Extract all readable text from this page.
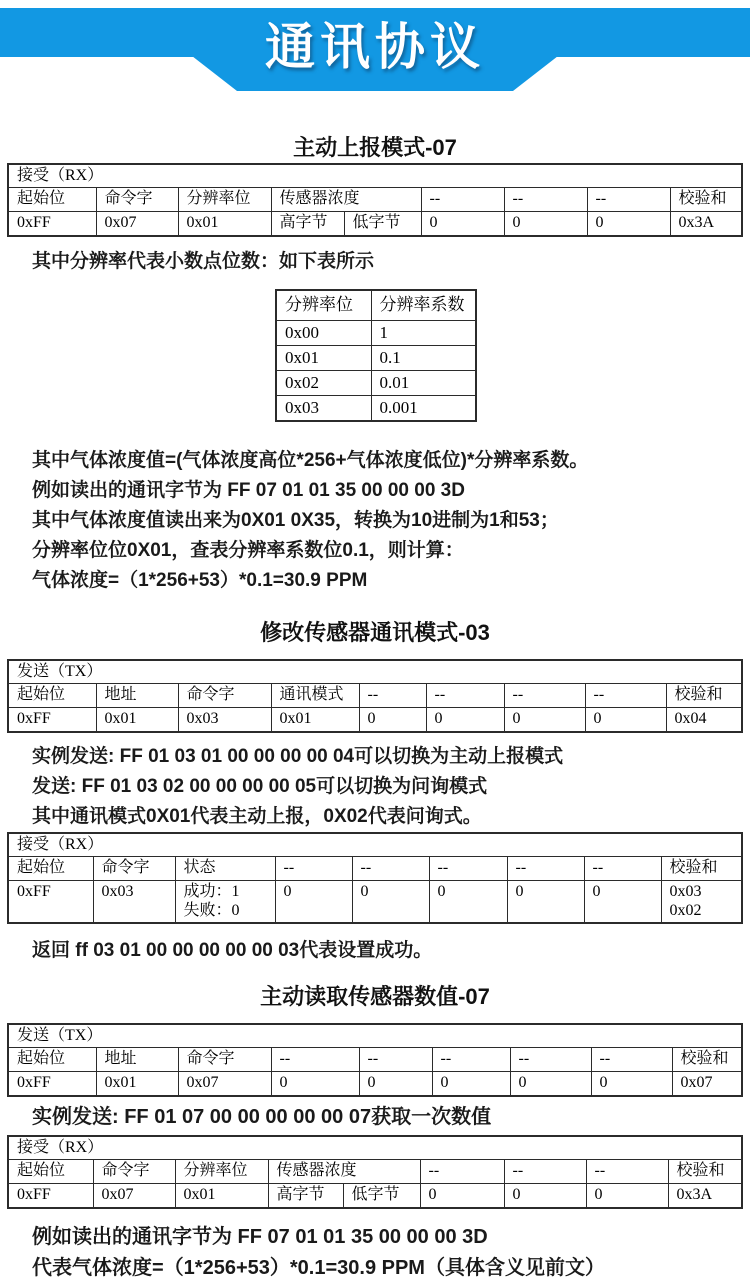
通讯协议
主动上报模式-07
接受（RX）								
起始位	命令字	分辨率位	传感器浓度		--	--	--	校验和
0xFF	0x07	0x01	高字节	低字节	0	0	0	0x3A
其中分辨率代表小数点位数：如下表所示
分辨率位	分辨率系数
0x00	1
0x01	0.1
0x02	0.01
0x03	0.001
其中气体浓度值=(气体浓度高位*256+气体浓度低位)*分辨率系数。
例如读出的通讯字节为 FF 07 01 01 35 00 00 00 3D
其中气体浓度值读出来为0X01 0X35，转换为10进制为1和53；
分辨率位位0X01，查表分辨率系数位0.1，则计算：
气体浓度=（1*256+53）*0.1=30.9 PPM
修改传感器通讯模式-03
发送（TX）								
起始位	地址	命令字	通讯模式	--	--	--	--	校验和
0xFF	0x01	0x03	0x01	0	0	0	0	0x04
实例发送: FF 01 03 01 00 00 00 00 04可以切换为主动上报模式
发送: FF 01 03 02 00 00 00 00 05可以切换为问询模式
其中通讯模式0X01代表主动上报，0X02代表问询式。
接受（RX）								
起始位	命令字	状态	--	--	--	--	--	校验和
0xFF	0x03	成功：1
失败：0
	0	0	0	0	0	0x03
0x02
返回 ff 03 01 00 00 00 00 00 03代表设置成功。
主动读取传感器数值-07
发送（TX）								
起始位	地址	命令字	--	--	--	--	--	校验和
0xFF	0x01	0x07	0	0	0	0	0	0x07
实例发送: FF 01 07 00 00 00 00 00 07获取一次数值
接受（RX）								
起始位	命令字	分辨率位	传感器浓度		--	--	--	校验和
0xFF	0x07	0x01	高字节	低字节	0	0	0	0x3A
例如读出的通讯字节为 FF 07 01 01 35 00 00 00 3D
代表气体浓度=（1*256+53）*0.1=30.9 PPM（具体含义见前文）
